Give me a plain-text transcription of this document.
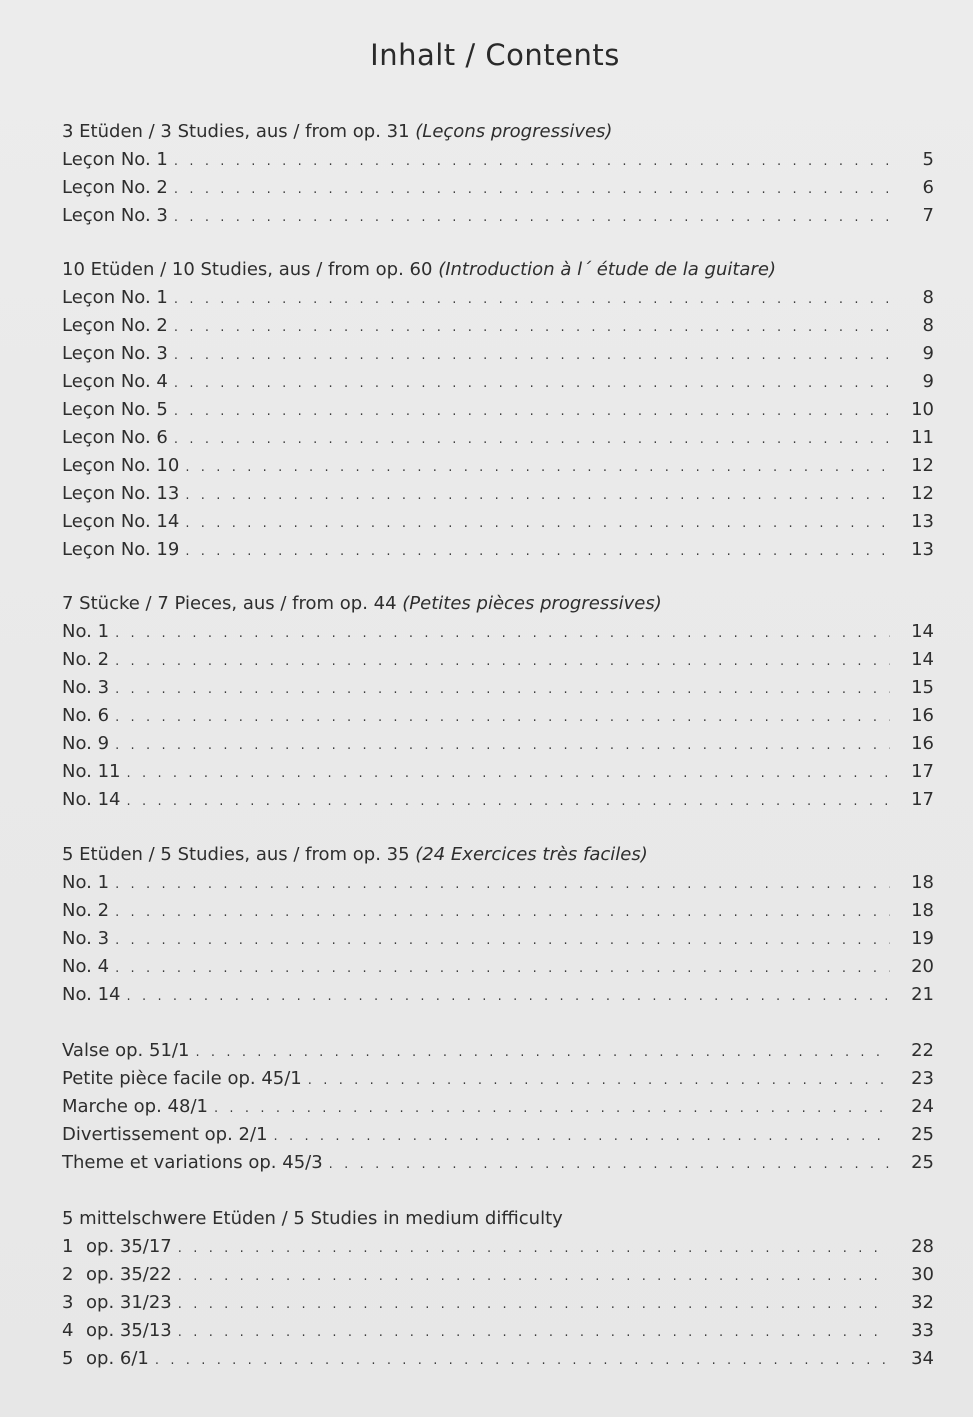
Inhalt / Contents
3 Etüden / 3 Studies, aus / from op. 31 (Leçons progressives)
Leçon No. 1 . . .	5
Leçon No. 2 . . .	6
Leçon No. 3 . . .	7
10 Etüden / 10 Studies, aus / from op. 60 (Introduction à l´ étude de la guitare)
Leçon No. 1 . . .	8
Leçon No. 2 . . .	8
Leçon No. 3 . . .	9
Leçon No. 4 . . .	9
Leçon No. 5 . . .	10
Leçon No. 6 . . .	11
Leçon No. 10 . . .	12
Leçon No. 13 . . .	12
Leçon No. 14 . . .	13
Leçon No. 19 . . .	13
7 Stücke / 7 Pieces, aus / from op. 44 (Petites pièces progressives)
No. 1 . . .	14
No. 2 . . .	14
No. 3 . . .	15
No. 6 . . .	16
No. 9 . . .	16
No. 11 . . .	17
No. 14 . . .	17
5 Etüden / 5 Studies, aus / from op. 35 (24 Exercices très faciles)
No. 1 . . .	18
No. 2 . . .	18
No. 3 . . .	19
No. 4 . . .	20
No. 14 . . .	21
Valse op. 51/1 . . .	22
Petite pièce facile op. 45/1 . . .	23
Marche op. 48/1 . . .	24
Divertissement op. 2/1 . . .	25
Theme et variations op. 45/3 . . .	25
5 mittelschwere Etüden / 5 Studies in medium difficulty
1 op. 35/17 . . .	28
2 op. 35/22 . . .	30
3 op. 31/23 . . .	32
4 op. 35/13 . . .	33
5 op. 6/1 . . .	34
